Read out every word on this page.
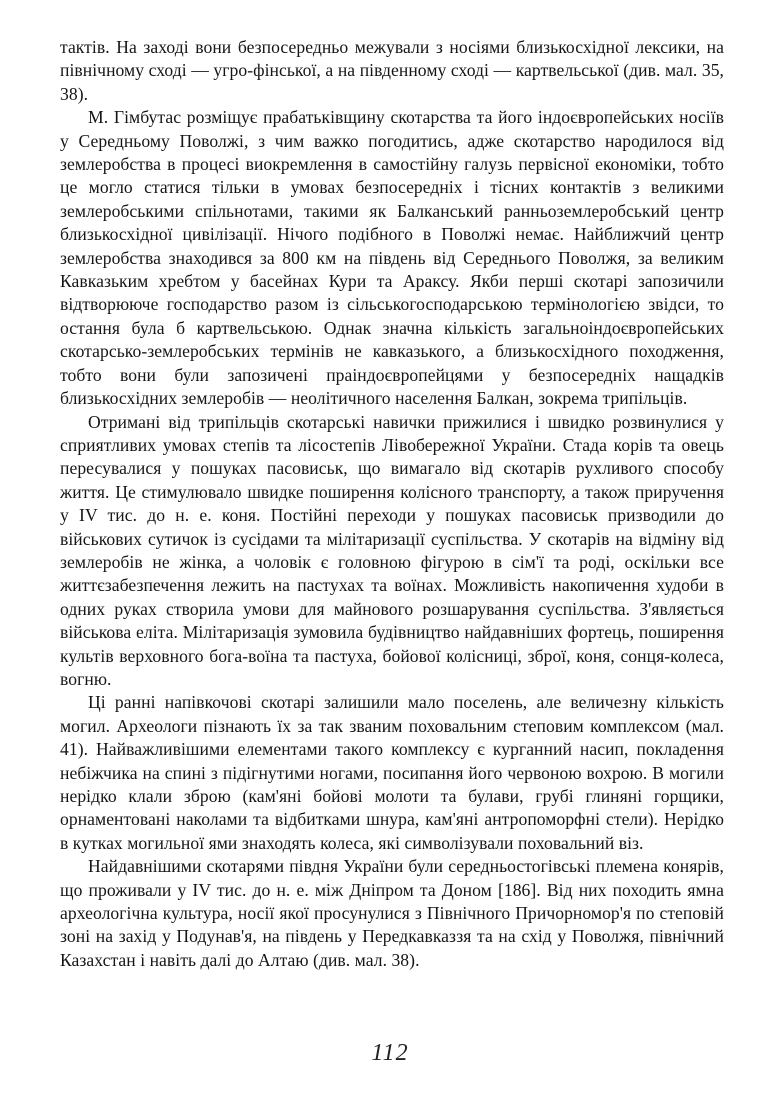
тактів. На заході вони безпосередньо межували з носіями близькосхідної лексики, на північному сході — угро-фінської, а на південному сході — картвельської (див. мал. 35, 38).

М. Гімбутас розміщує прабатьківщину скотарства та його індоєвропейських носіїв у Середньому Поволжі, з чим важко погодитись, адже скотарство народилося від землеробства в процесі виокремлення в самостійну галузь первісної економіки, тобто це могло статися тільки в умовах безпосередніх і тісних контактів з великими землеробськими спільнотами, такими як Балканський ранньоземлеробський центр близькосхідної цивілізації. Нічого подібного в Поволжі немає. Найближчий центр землеробства знаходився за 800 км на південь від Середнього Поволжя, за великим Кавказьким хребтом у басейнах Кури та Араксу. Якби перші скотарі запозичили відтворююче господарство разом із сільськогосподарською термінологією звідси, то остання була б картвельською. Однак значна кількість загальноіндоєвропейських скотарсько-землеробських термінів не кавказького, а близькосхідного походження, тобто вони були запозичені праіндоєвропейцями у безпосередніх нащадків близькосхідних землеробів — неолітичного населення Балкан, зокрема трипільців.

Отримані від трипільців скотарські навички прижилися і швидко розвинулися у сприятливих умовах степів та лісостепів Лівобережної України. Стада корів та овець пересувалися у пошуках пасовиськ, що вимагало від скотарів рухливого способу життя. Це стимулювало швидке поширення колісного транспорту, а також приручення у IV тис. до н. е. коня. Постійні переходи у пошуках пасовиськ призводили до військових сутичок із сусідами та мілітаризації суспільства. У скотарів на відміну від землеробів не жінка, а чоловік є головною фігурою в сім'ї та роді, оскільки все життєзабезпечення лежить на пастухах та воїнах. Можливість накопичення худоби в одних руках створила умови для майнового розшарування суспільства. З'являється військова еліта. Мілітаризація зумовила будівництво найдавніших фортець, поширення культів верховного бога-воїна та пастуха, бойової колісниці, зброї, коня, сонця-колеса, вогню.

Ці ранні напівкочові скотарі залишили мало поселень, але величезну кількість могил. Археологи пізнають їх за так званим поховальним степовим комплексом (мал. 41). Найважливішими елементами такого комплексу є курганний насип, покладення небіжчика на спині з підігнутими ногами, посипання його червоною вохрою. В могили нерідко клали зброю (кам'яні бойові молоти та булави, грубі глиняні горщики, орнаментовані наколами та відбитками шнура, кам'яні антропоморфні стели). Нерідко в кутках могильної ями знаходять колеса, які символізували поховальний віз.

Найдавнішими скотарями півдня України були середньостогівські племена конярів, що проживали у IV тис. до н. е. між Дніпром та Доном [186]. Від них походить ямна археологічна культура, носії якої просунулися з Північного Причорномор'я по степовій зоні на захід у Подунав'я, на південь у Передкавказзя та на схід у Поволжя, північний Казахстан і навіть далі до Алтаю (див. мал. 38).

112
